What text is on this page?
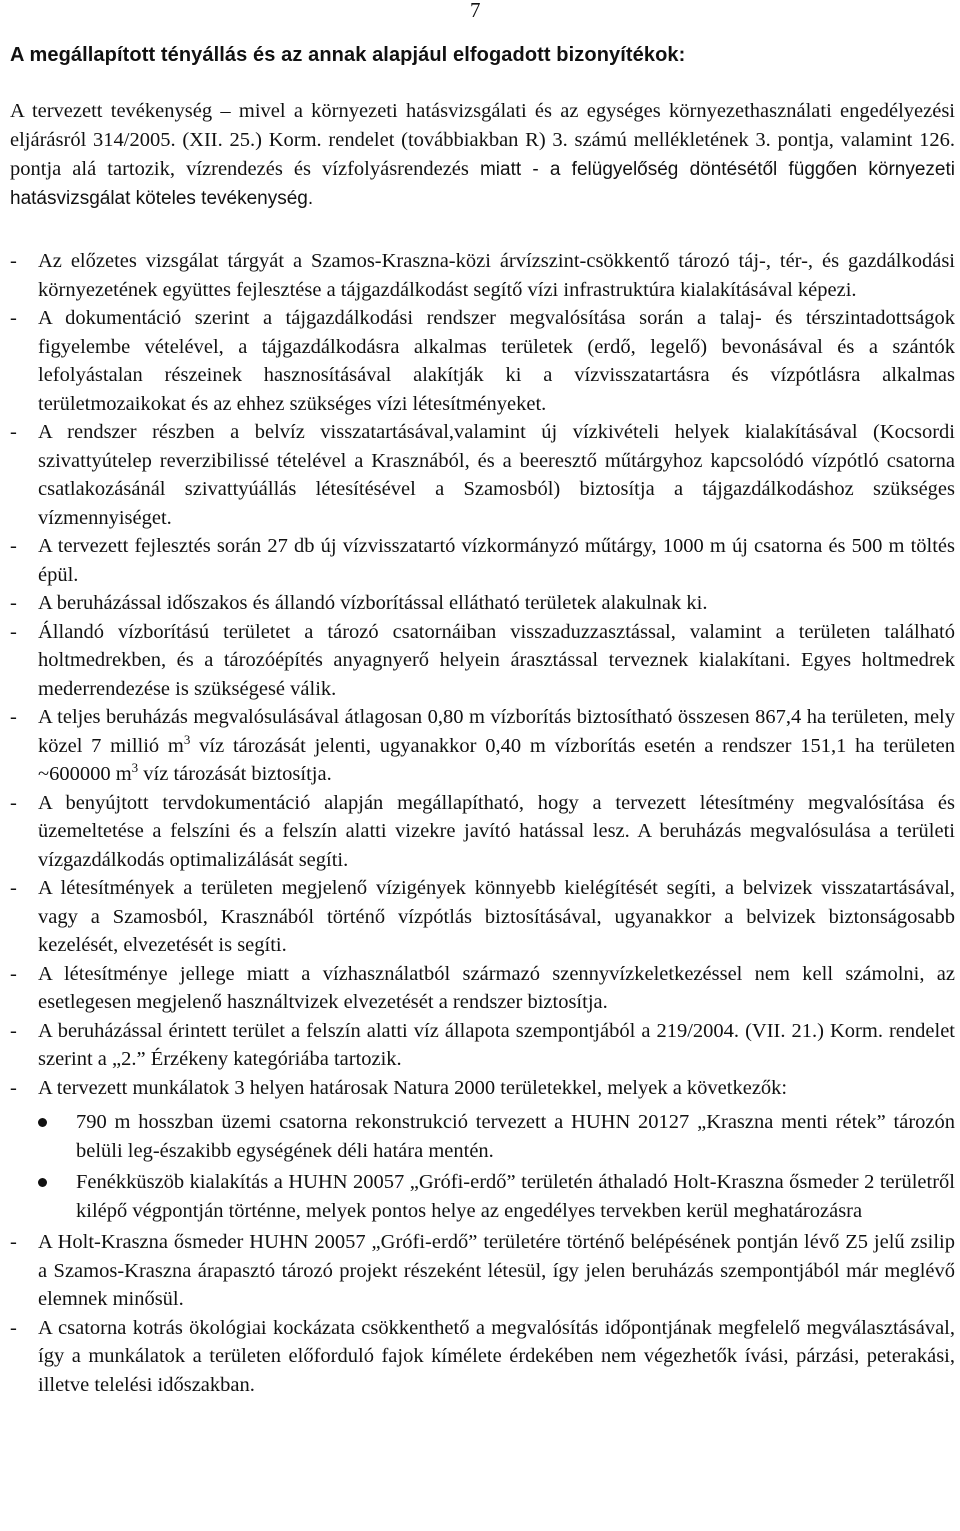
7
A megállapított tényállás és az annak alapjául elfogadott bizonyítékok:
A tervezett tevékenység – mivel a környezeti hatásvizsgálati és az egységes környezethasználati engedélyezési eljárásról 314/2005. (XII. 25.) Korm. rendelet (továbbiakban R) 3. számú mellékletének 3. pontja, valamint 126. pontja alá tartozik, vízrendezés és vízfolyásrendezés miatt - a felügyelőség döntésétől függően környezeti hatásvizsgálat köteles tevékenység.
- Az előzetes vizsgálat tárgyát a Szamos-Kraszna-közi árvízszint-csökkentő tározó táj-, tér-, és gazdálkodási környezetének együttes fejlesztése a tájgazdálkodást segítő vízi infrastruktúra kialakításával képezi.
- A dokumentáció szerint a tájgazdálkodási rendszer megvalósítása során a talaj- és térszintadottságok figyelembe vételével, a tájgazdálkodásra alkalmas területek (erdő, legelő) bevonásával és a szántók lefolyástalan részeinek hasznosításával alakítják ki a vízvisszatartásra és vízpótlásra alkalmas területmozaikokat és az ehhez szükséges vízi létesítményeket.
- A rendszer részben a belvíz visszatartásával,valamint új vízkivételi helyek kialakításával (Kocsordi szivattyútelep reverzibilissé tételével a Krasznából, és a beeresztő műtárgyhoz kapcsolódó vízpótló csatorna csatlakozásánál szivattyúállás létesítésével a Szamosból) biztosítja a tájgazdálkodáshoz szükséges vízmennyiséget.
- A tervezett fejlesztés során 27 db új vízvisszatartó vízkormányzó műtárgy, 1000 m új csatorna és 500 m töltés épül.
- A beruházással időszakos és állandó vízborítással ellátható területek alakulnak ki.
- Állandó vízborítású területet a tározó csatornáiban visszaduzzasztással, valamint a területen található holtmedrekben, és a tározóépítés anyagnyerő helyein árasztással terveznek kialakítani. Egyes holtmedrek mederrendezése is szükségesé válik.
- A teljes beruházás megvalósulásával átlagosan 0,80 m vízborítás biztosítható összesen 867,4 ha területen, mely közel 7 millió $m^3$ víz tározását jelenti, ugyanakkor 0,40 m vízborítás esetén a rendszer 151,1 ha területen ~600000 $m^3$ víz tározását biztosítja.
- A benyújtott tervdokumentáció alapján megállapítható, hogy a tervezett létesítmény megvalósítása és üzemeltetése a felszíni és a felszín alatti vizekre javító hatással lesz. A beruházás megvalósulása a területi vízgazdálkodás optimalizálását segíti.
- A létesítmények a területen megjelenő vízigények könnyebb kielégítését segíti, a belvizek visszatartásával, vagy a Szamosból, Krasznából történő vízpótlás biztosításával, ugyanakkor a belvizek biztonságosabb kezelését, elvezetését is segíti.
- A létesítménye jellege miatt a vízhasználatból származó szennyvízkeletkezéssel nem kell számolni, az esetlegesen megjelenő használtvizek elvezetését a rendszer biztosítja.
- A beruházással érintett terület a felszín alatti víz állapota szempontjából a 219/2004. (VII. 21.) Korm. rendelet szerint a „2.” Érzékeny kategóriába tartozik.
- A tervezett munkálatok 3 helyen határosak Natura 2000 területekkel, melyek a következők:
790 m hosszban üzemi csatorna rekonstrukció tervezett a HUHN 20127 „Kraszna menti rétek” tározón belüli leg-északibb egységének déli határa mentén.
Fenékküszöb kialakítás a HUHN 20057 „Grófi-erdő” területén áthaladó Holt-Kraszna ősmeder 2 területről kilépő végpontján történne, melyek pontos helye az engedélyes tervekben kerül meghatározásra
- A Holt-Kraszna ősmeder HUHN 20057 „Grófi-erdő” területére történő belépésének pontján lévő Z5 jelű zsilip a Szamos-Kraszna árapasztó tározó projekt részeként létesül, így jelen beruházás szempontjából már meglévő elemnek minősül.
- A csatorna kotrás ökológiai kockázata csökkenthető a megvalósítás időpontjának megfelelő megválasztásával, így a munkálatok a területen előforduló fajok kímélete érdekében nem végezhetők ívási, párzási, peterakási, illetve telelési időszakban.
